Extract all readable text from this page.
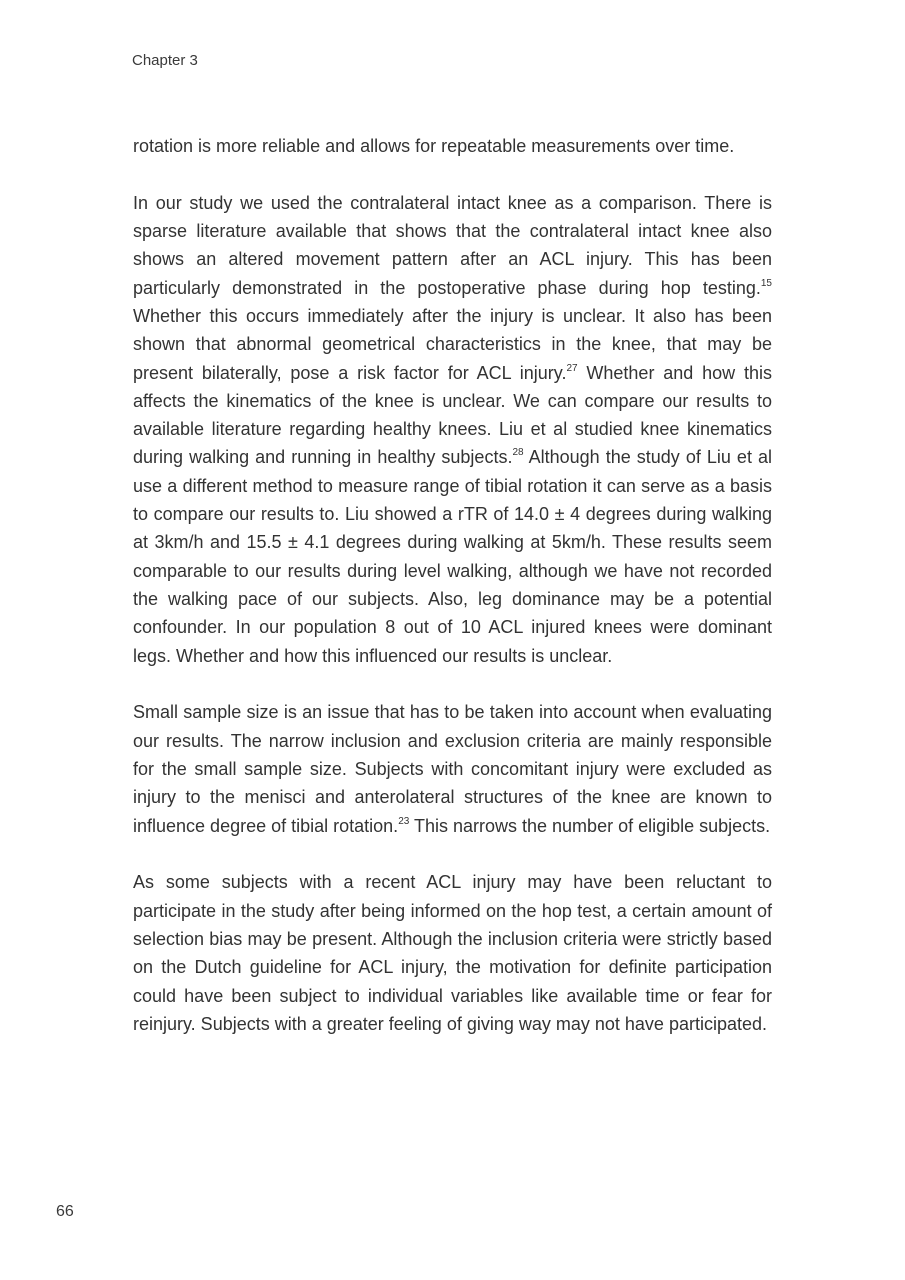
Chapter 3

rotation is more reliable and allows for repeatable measurements over time.

In our study we used the contralateral intact knee as a comparison. There is sparse literature available that shows that the contralateral intact knee also shows an altered movement pattern after an ACL injury. This has been particularly demonstrated in the postoperative phase during hop testing.$^{15}$ Whether this occurs immediately after the injury is unclear. It also has been shown that abnormal geometrical characteristics in the knee, that may be present bilaterally, pose a risk factor for ACL injury.$^{27}$ Whether and how this affects the kinematics of the knee is unclear. We can compare our results to available literature regarding healthy knees. Liu et al studied knee kinematics during walking and running in healthy subjects.$^{28}$ Although the study of Liu et al use a different method to measure range of tibial rotation it can serve as a basis to compare our results to. Liu showed a rTR of 14.0 ± 4 degrees during walking at 3km/h and 15.5 ± 4.1 degrees during walking at 5km/h. These results seem comparable to our results during level walking, although we have not recorded the walking pace of our subjects. Also, leg dominance may be a potential confounder. In our population 8 out of 10 ACL injured knees were dominant legs. Whether and how this influenced our results is unclear.

Small sample size is an issue that has to be taken into account when evaluating our results. The narrow inclusion and exclusion criteria are mainly responsible for the small sample size. Subjects with concomitant injury were excluded as injury to the menisci and anterolateral structures of the knee are known to influence degree of tibial rotation.$^{23}$ This narrows the number of eligible subjects.

As some subjects with a recent ACL injury may have been reluctant to participate in the study after being informed on the hop test, a certain amount of selection bias may be present. Although the inclusion criteria were strictly based on the Dutch guideline for ACL injury, the motivation for definite participation could have been subject to individual variables like available time or fear for reinjury. Subjects with a greater feeling of giving way may not have participated.

66
